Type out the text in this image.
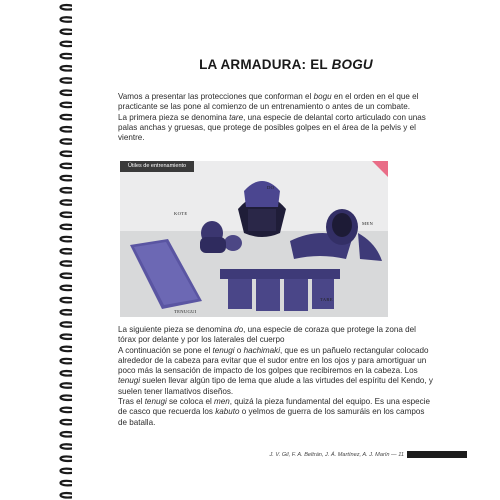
LA ARMADURA: EL BOGU

Vamos a presentar las protecciones que conforman el bogu en el orden en el que el practicante se las pone al comienzo de un entrenamiento o antes de un combate.

La primera pieza se denomina tare, una especie de delantal corto articulado con unas palas anchas y gruesas, que protege de posibles golpes en el área de la pelvis y el vientre.

Útiles de entrenamiento
DO
MEN
KOTE
TENUGUI
TARE

La siguiente pieza se denomina do, una especie de coraza que protege la zona del tórax por delante y por los laterales del cuerpo

A continuación se pone el tenugi o hachimaki, que es un pañuelo rectangular colocado alrededor de la cabeza para evitar que el sudor entre en los ojos y para amortiguar un poco más la sensación de impacto de los golpes que recibiremos en la cabeza. Los tenugi suelen llevar algún tipo de lema que alude a las virtudes del espíritu del Kendo, y suelen tener llamativos diseños.

Tras el tenugi se coloca el men, quizá la pieza fundamental del equipo. Es una especie de casco que recuerda los kabuto o yelmos de guerra de los samuráis en los campos de batalla.

J. V. Gil, F. A. Beltrán, J. Á. Martínez, A. J. Marín — 11
